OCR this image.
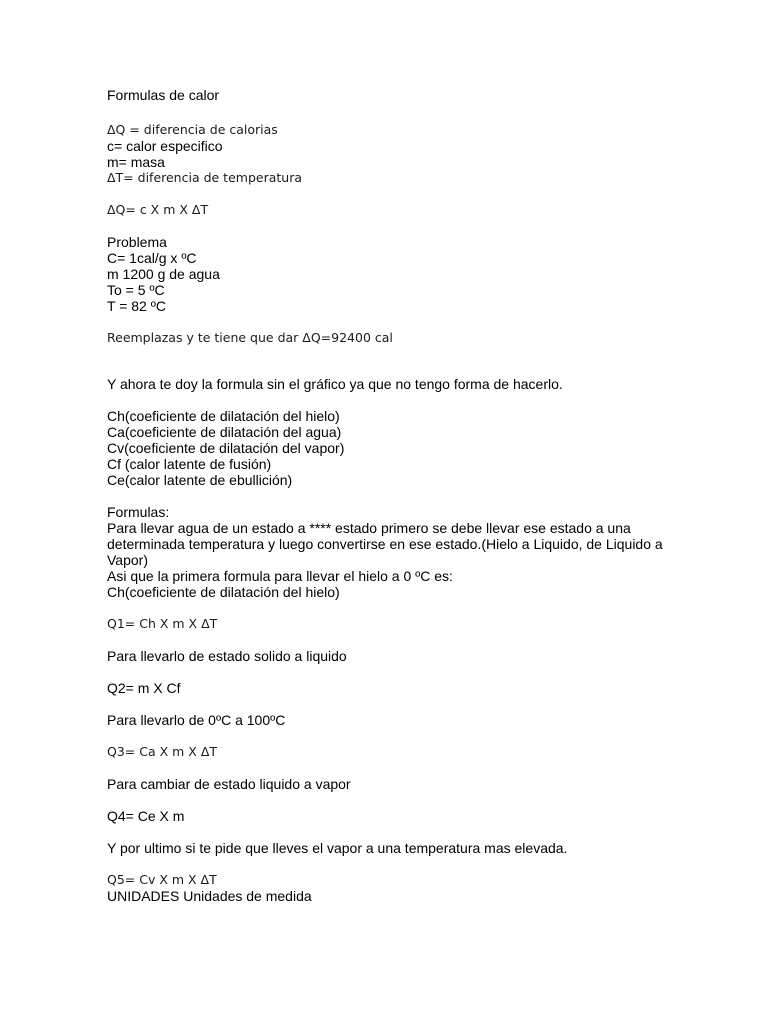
Formulas de calor

ΔQ = diferencia de calorias

c= calor especifico

m= masa

ΔT= diferencia de temperatura

ΔQ= c X m X ΔT

Problema

C= 1cal/g x ºC

m 1200 g de agua

To = 5 ºC

T = 82 ºC

Reemplazas y te tiene que dar ΔQ=92400 cal

Y ahora te doy la formula sin el gráfico ya que no tengo forma de hacerlo.

Ch(coeficiente de dilatación del hielo)

Ca(coeficiente de dilatación del agua)

Cv(coeficiente de dilatación del vapor)

Cf (calor latente de fusión)

Ce(calor latente de ebullición)

Formulas:

Para llevar agua de un estado a **** estado primero se debe llevar ese estado a una

determinada temperatura y luego convertirse en ese estado.(Hielo a Liquido, de Liquido a

Vapor)

Asi que la primera formula para llevar el hielo a 0 ºC es:

Ch(coeficiente de dilatación del hielo)

Q1= Ch X m X ΔT

Para llevarlo de estado solido a liquido

Q2= m X Cf

Para llevarlo de 0ºC a 100ºC

Q3= Ca X m X ΔT

Para cambiar de estado liquido a vapor

Q4= Ce X m

Y por ultimo si te pide que lleves el vapor a una temperatura mas elevada.

Q5= Cv X m X ΔT

UNIDADES Unidades de medida
